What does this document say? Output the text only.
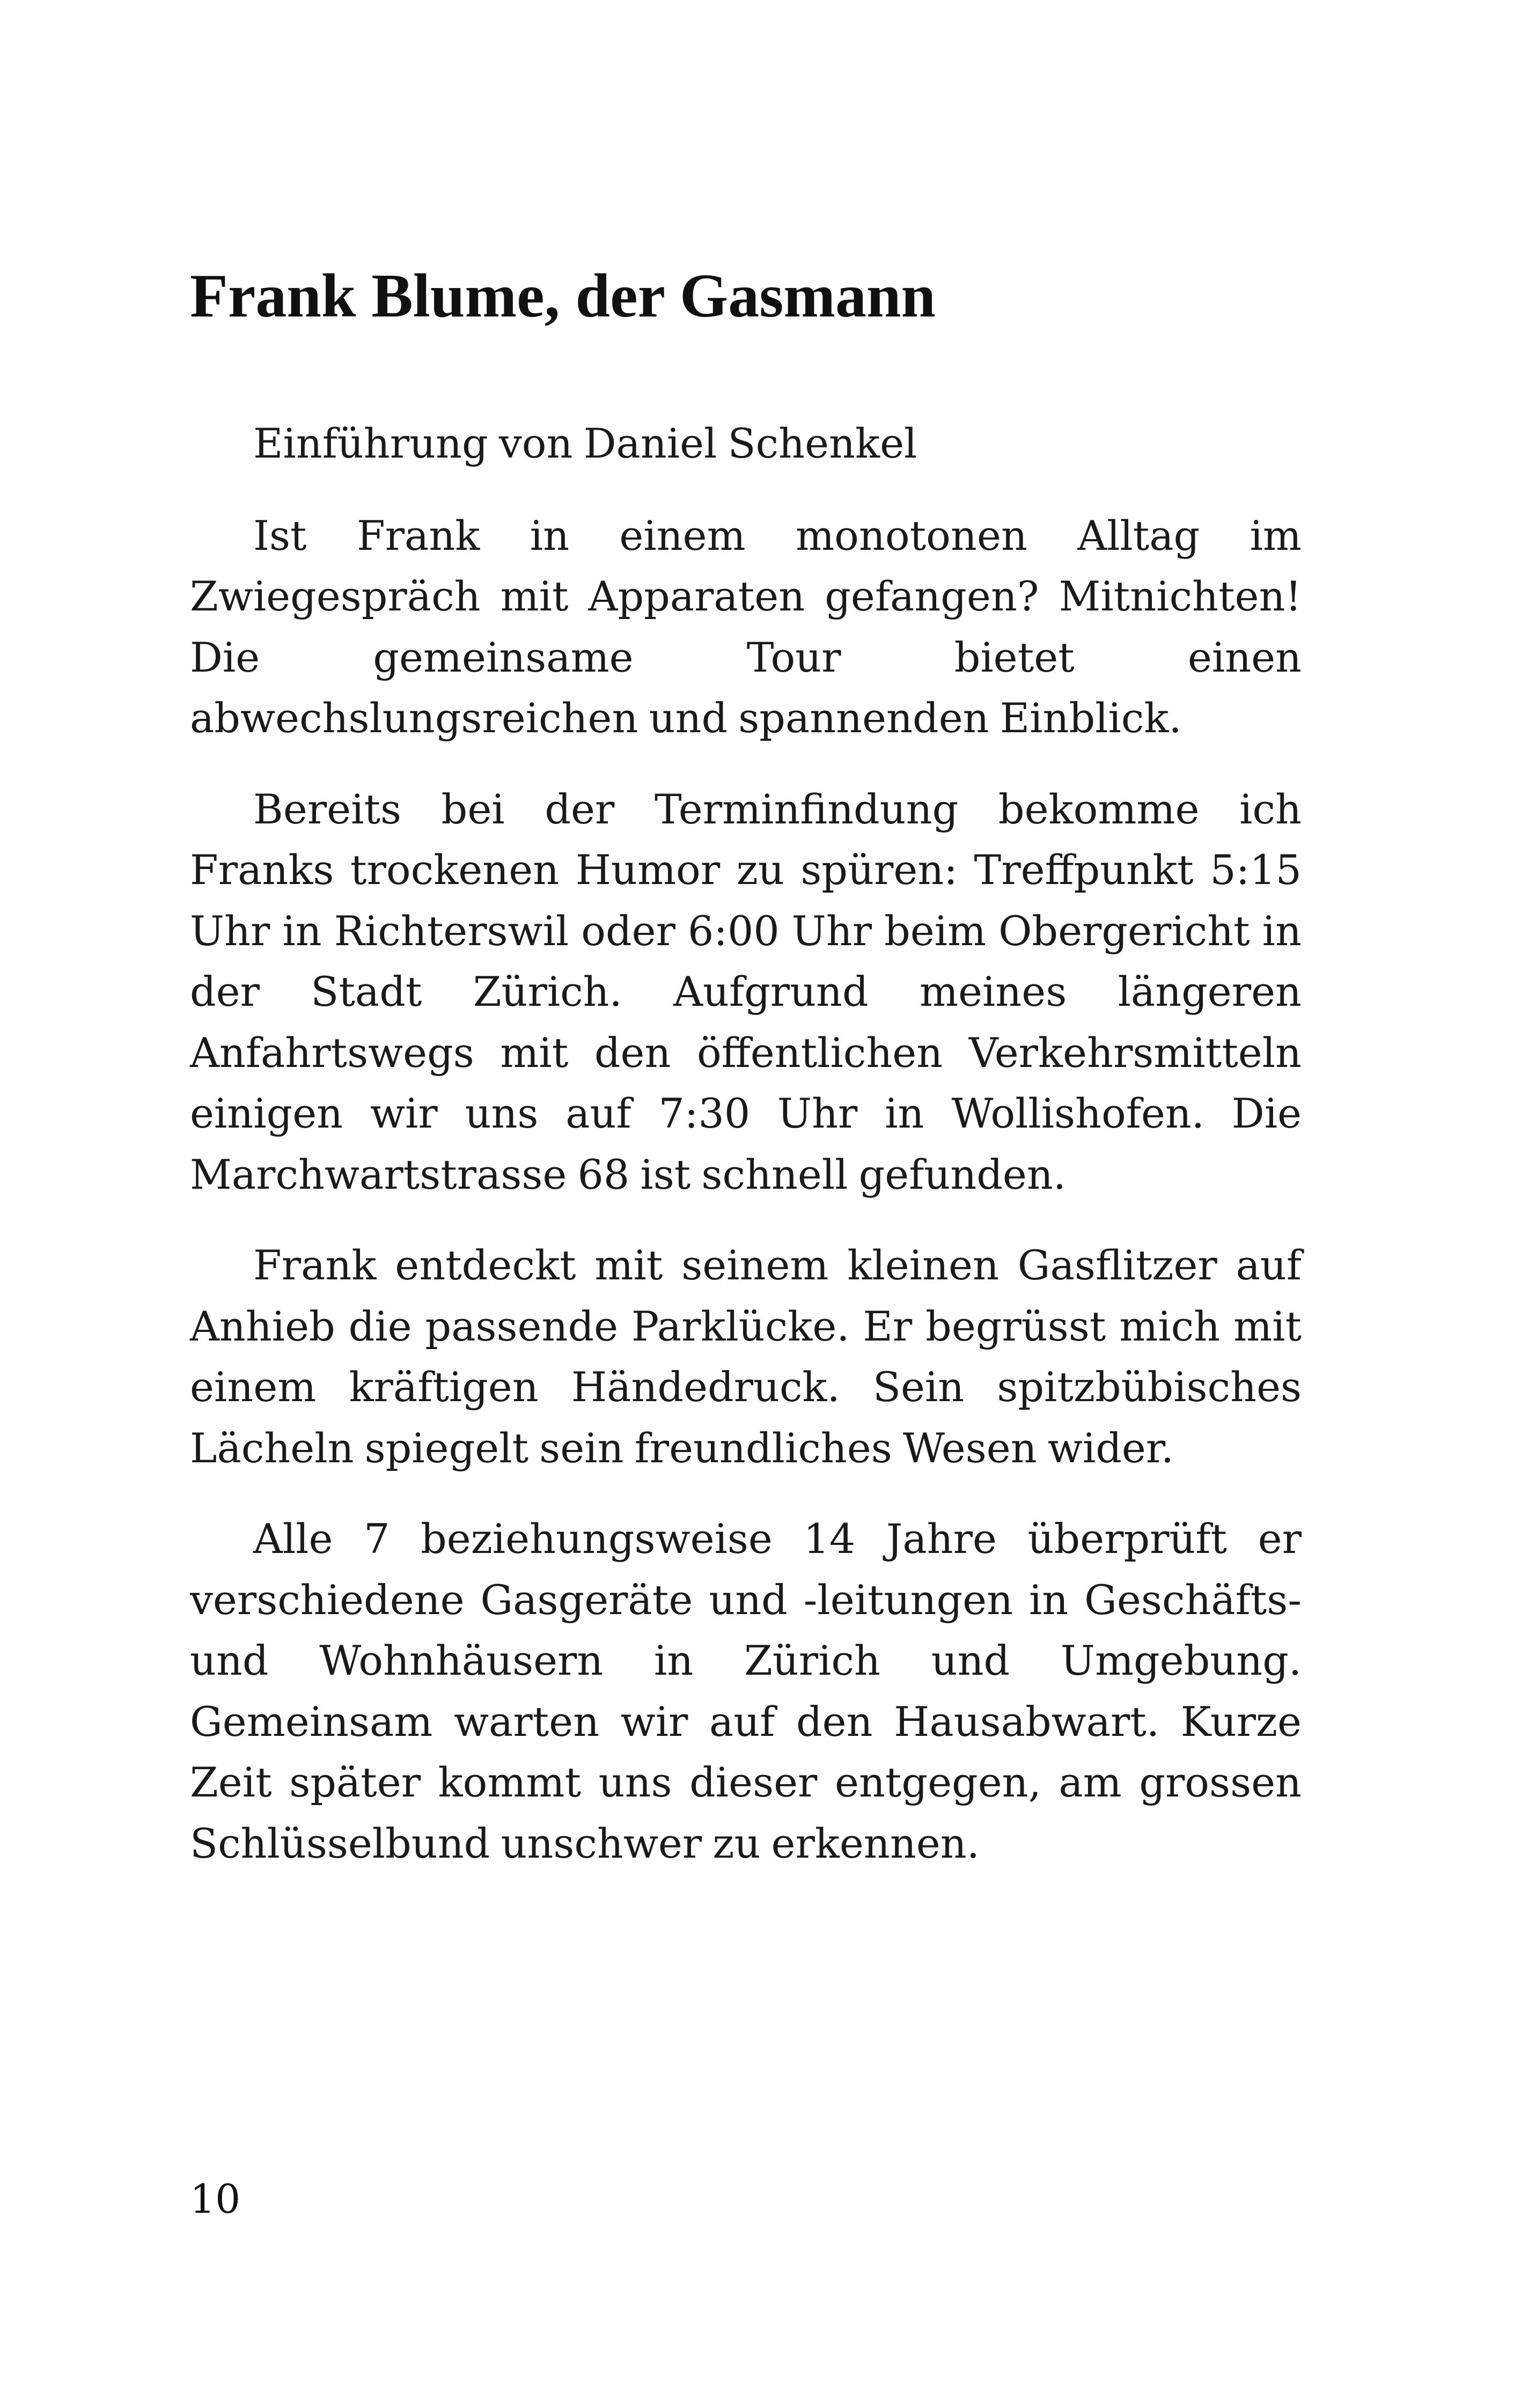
Frank Blume, der Gasmann

Einführung von Daniel Schenkel

Ist Frank in einem monotonen Alltag im Zwiegespräch mit Apparaten gefangen? Mitnichten! Die gemeinsame Tour bietet einen abwechslungsreichen und spannenden Einblick.

Bereits bei der Terminfindung bekomme ich Franks trockenen Humor zu spüren: Treffpunkt 5:15 Uhr in Richterswil oder 6:00 Uhr beim Obergericht in der Stadt Zürich. Aufgrund meines längeren Anfahrtswegs mit den öffentlichen Verkehrsmitteln einigen wir uns auf 7:30 Uhr in Wollishofen. Die Marchwartstrasse 68 ist schnell gefunden.

Frank entdeckt mit seinem kleinen Gasflitzer auf Anhieb die passende Parklücke. Er begrüsst mich mit einem kräftigen Händedruck. Sein spitzbübisches Lächeln spiegelt sein freundliches Wesen wider.

Alle 7 beziehungsweise 14 Jahre überprüft er verschiedene Gasgeräte und -leitungen in Geschäfts- und Wohnhäusern in Zürich und Umgebung. Gemeinsam warten wir auf den Hausabwart. Kurze Zeit später kommt uns dieser entgegen, am grossen Schlüsselbund unschwer zu erkennen.

10
